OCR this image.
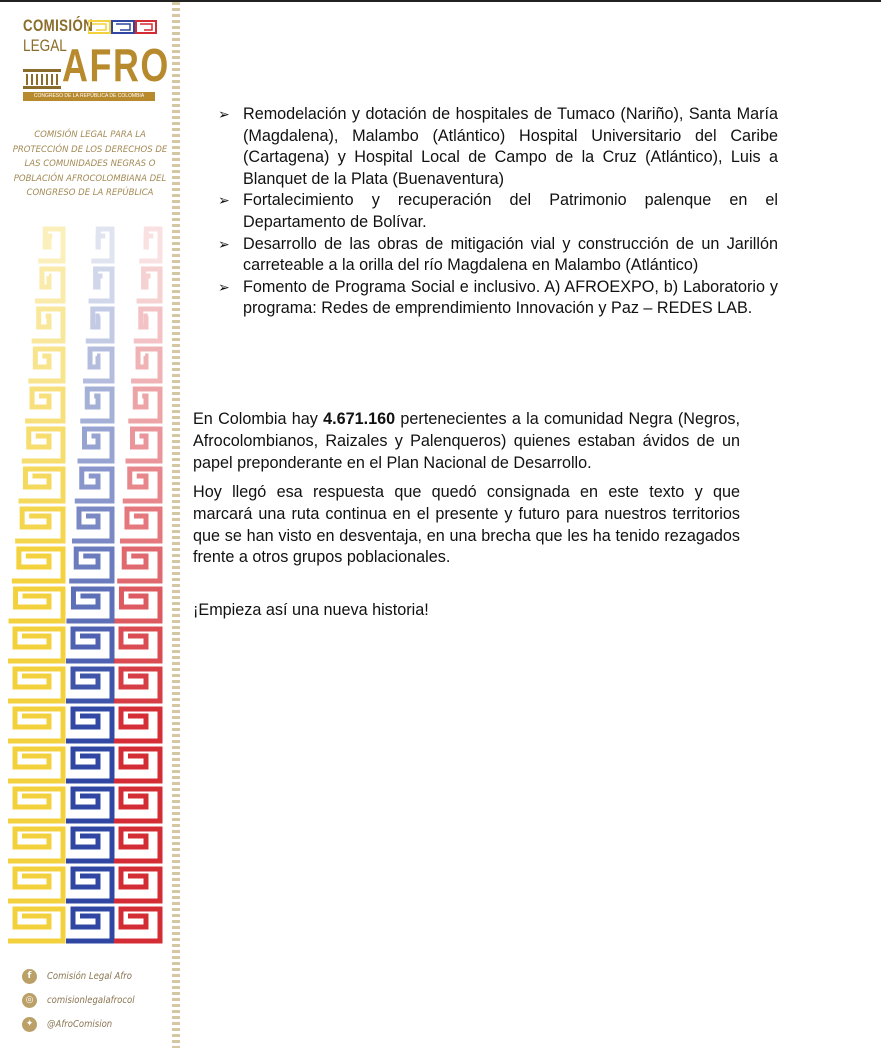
COMISIÓN
LEGAL
AFRO
CONGRESO DE LA REPÚBLICA DE COLOMBIA
COMISIÓN LEGAL PARA LA PROTECCIÓN DE LOS DERECHOS DE LAS COMUNIDADES NEGRAS O POBLACIÓN AFROCOLOMBIANA DEL CONGRESO DE LA REPÚBLICA
f	Comisión Legal Afro
◎	comisionlegalafrocol
✦	@AfroComision
➢ Remodelación y dotación de hospitales de Tumaco (Nariño), Santa María (Magdalena), Malambo (Atlántico) Hospital Universitario del Caribe (Cartagena) y Hospital Local de Campo de la Cruz (Atlántico), Luis a Blanquet de la Plata (Buenaventura)
➢ Fortalecimiento y recuperación del Patrimonio palenque en el Departamento de Bolívar.
➢ Desarrollo de las obras de mitigación vial y construcción de un Jarillón carreteable a la orilla del río Magdalena en Malambo (Atlántico)
➢ Fomento de Programa Social e inclusivo. A) AFROEXPO, b) Laboratorio y programa: Redes de emprendimiento Innovación y Paz – REDES LAB.

En Colombia hay 4.671.160 pertenecientes a la comunidad Negra (Negros, Afrocolombianos, Raizales y Palenqueros) quienes estaban ávidos de un papel preponderante en el Plan Nacional de Desarrollo.

Hoy llegó esa respuesta que quedó consignada en este texto y que marcará una ruta continua en el presente y futuro para nuestros territorios que se han visto en desventaja, en una brecha que les ha tenido rezagados frente a otros grupos poblacionales.

¡Empieza así una nueva historia!
